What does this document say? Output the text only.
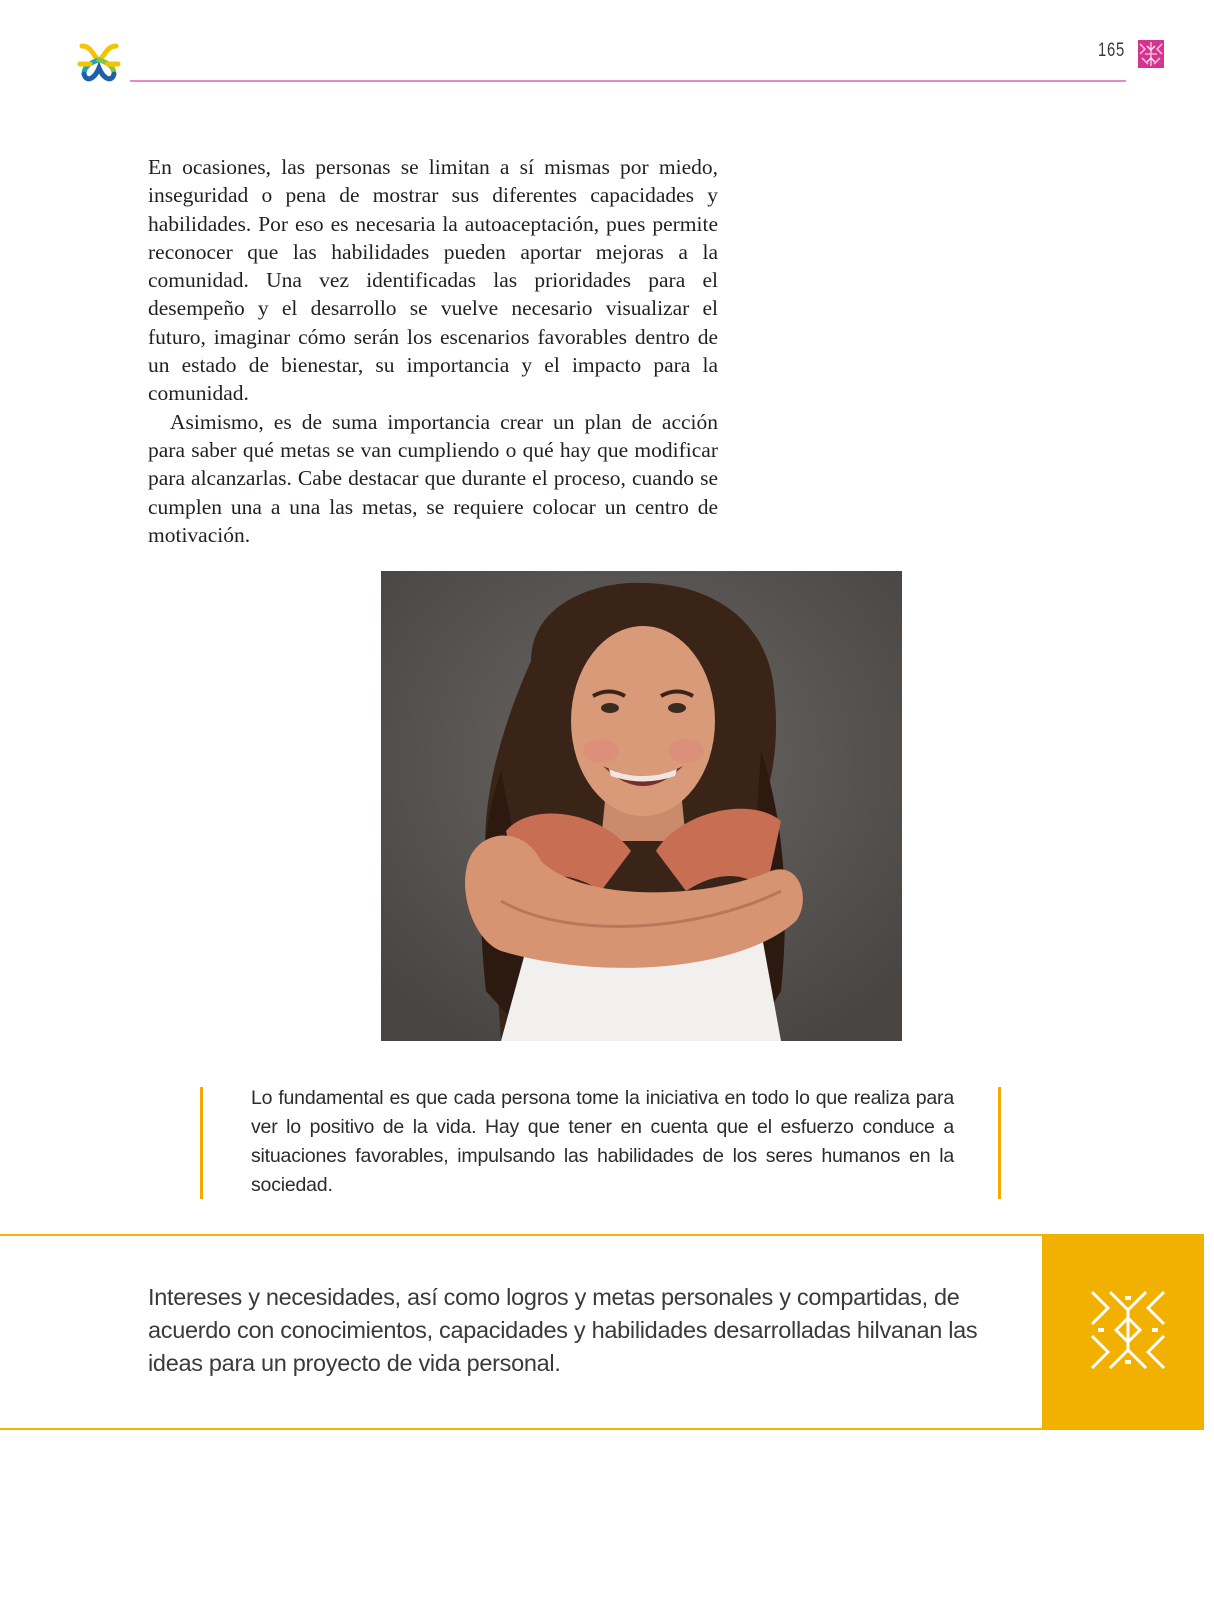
165

En ocasiones, las personas se limitan a sí mismas por miedo, inseguridad o pena de mostrar sus diferentes capacidades y habilidades. Por eso es necesaria la autoaceptación, pues permite reconocer que las habilidades pueden aportar mejoras a la comunidad. Una vez identificadas las prioridades para el desempeño y el desarrollo se vuelve necesario visualizar el futuro, imaginar cómo serán los escenarios favorables dentro de un estado de bienestar, su importancia y el impacto para la comunidad.

Asimismo, es de suma importancia crear un plan de acción para saber qué metas se van cumpliendo o qué hay que modificar para alcanzarlas. Cabe destacar que durante el proceso, cuando se cumplen una a una las metas, se requiere colocar un centro de motivación.

Lo fundamental es que cada persona tome la iniciativa en todo lo que realiza para ver lo positivo de la vida. Hay que tener en cuenta que el esfuerzo conduce a situaciones favorables, impulsando las habilidades de los seres humanos en la sociedad.
Intereses y necesidades, así como logros y metas personales y compartidas, de acuerdo con conocimientos, capacidades y habilidades desarrolladas hilvanan las ideas para un proyecto de vida personal.
